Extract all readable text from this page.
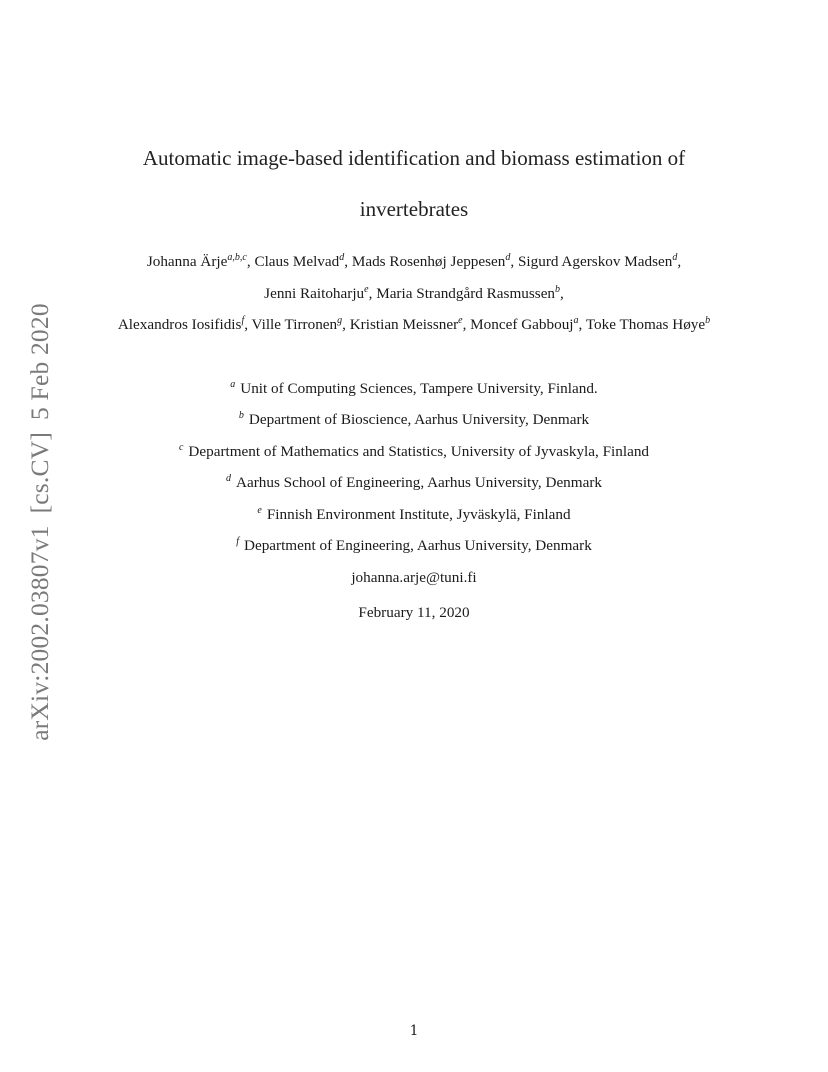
arXiv:2002.03807v1[cs.CV]5 Feb 2020
Automatic image-based identification and biomass estimation of
invertebrates
Johanna Ärje$^{a,b,c}$, Claus Melvad$^d$, Mads Rosenhøj Jeppesen$^d$, Sigurd Agerskov Madsen$^d$,
Jenni Raitoharju$^e$, Maria Strandgård Rasmussen$^b$,
Alexandros Iosifidis$^f$, Ville Tirronen$^g$, Kristian Meissner$^e$, Moncef Gabbouj$^a$, Toke Thomas Høye$^b$
$^a$ Unit of Computing Sciences, Tampere University, Finland.
$^b$ Department of Bioscience, Aarhus University, Denmark
$^c$ Department of Mathematics and Statistics, University of Jyvaskyla, Finland
$^d$ Aarhus School of Engineering, Aarhus University, Denmark
$^e$ Finnish Environment Institute, Jyväskylä, Finland
$^f$ Department of Engineering, Aarhus University, Denmark
johanna.arje@tuni.fi
February 11, 2020
1
